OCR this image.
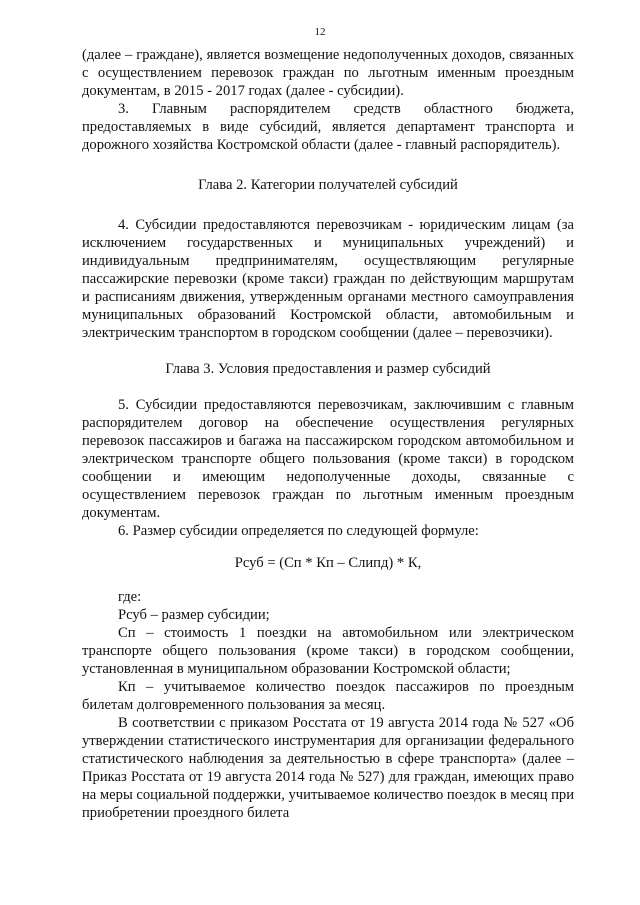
12

(далее – граждане), является возмещение недополученных доходов, связанных с осуществлением перевозок граждан по льготным именным проездным документам, в 2015 - 2017 годах (далее - субсидии).

3. Главным распорядителем средств областного бюджета, предоставляемых в виде субсидий, является департамент транспорта и дорожного хозяйства Костромской области (далее - главный распорядитель).

Глава 2. Категории получателей субсидий

4. Субсидии предоставляются перевозчикам - юридическим лицам (за исключением государственных и муниципальных учреждений) и индивидуальным предпринимателям, осуществляющим регулярные пассажирские перевозки (кроме такси) граждан по действующим маршрутам и расписаниям движения, утвержденным органами местного самоуправления муниципальных образований Костромской области, автомобильным и электрическим транспортом в городском сообщении (далее – перевозчики).

Глава 3. Условия предоставления и размер субсидий

5. Субсидии предоставляются перевозчикам, заключившим с главным распорядителем договор на обеспечение осуществления регулярных перевозок пассажиров и багажа на пассажирском городском автомобильном и электрическом транспорте общего пользования (кроме такси) в городском сообщении и имеющим недополученные доходы, связанные с осуществлением перевозок граждан по льготным именным проездным документам.

6. Размер субсидии определяется по следующей формуле:

Рсуб = (Сп * Кп – Слипд) * К,

где:

Рсуб – размер субсидии;

Сп – стоимость 1 поездки на автомобильном или электрическом транспорте общего пользования (кроме такси) в городском сообщении, установленная в муниципальном образовании Костромской области;

Кп – учитываемое количество поездок пассажиров по проездным билетам долговременного пользования за месяц.

В соответствии с приказом Росстата от 19 августа 2014 года № 527 «Об утверждении статистического инструментария для организации федерального статистического наблюдения за деятельностью в сфере транспорта» (далее – Приказ Росстата от 19 августа 2014 года № 527) для граждан, имеющих право на меры социальной поддержки, учитываемое количество поездок в месяц при приобретении проездного билета
